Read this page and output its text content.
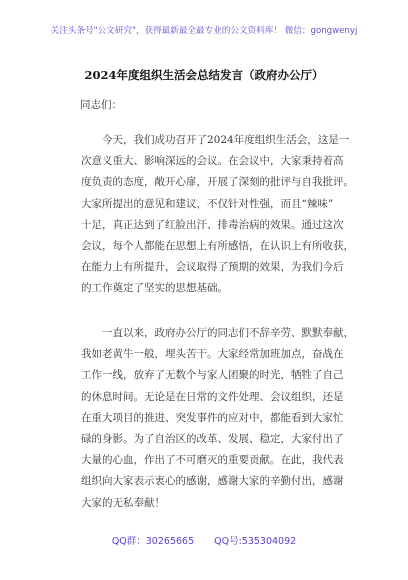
关注头条号"公文研究"，获得最新最全最专业的公文资料库！ 微信：gongwenyj
2024年度组织生活会总结发言（政府办公厅）
同志们：
今天，我们成功召开了2024年度组织生活会，这是一
次意义重大、影响深远的会议。在会议中，大家秉持着高
度负责的态度，敞开心扉，开展了深刻的批评与自我批评。
大家所提出的意见和建议，不仅针对性强，而且“辣味”
十足，真正达到了红脸出汗、排毒治病的效果。通过这次
会议，每个人都能在思想上有所感悟，在认识上有所收获，
在能力上有所提升，会议取得了预期的效果，为我们今后
的工作奠定了坚实的思想基础。
一直以来，政府办公厅的同志们不辞辛劳、默默奉献，
我如老黄牛一般，埋头苦干。大家经常加班加点，奋战在
工作一线，放弃了无数个与家人团聚的时光，牺牲了自己
的休息时间。无论是在日常的文件处理、会议组织，还是
在重大项目的推进、突发事件的应对中，都能看到大家忙
碌的身影。为了自治区的改革、发展、稳定，大家付出了
大量的心血，作出了不可磨灭的重要贡献。在此，我代表
组织向大家表示衷心的感谢，感谢大家的辛勤付出，感谢
大家的无私奉献！
QQ群：30265665 QQ号:535304092
